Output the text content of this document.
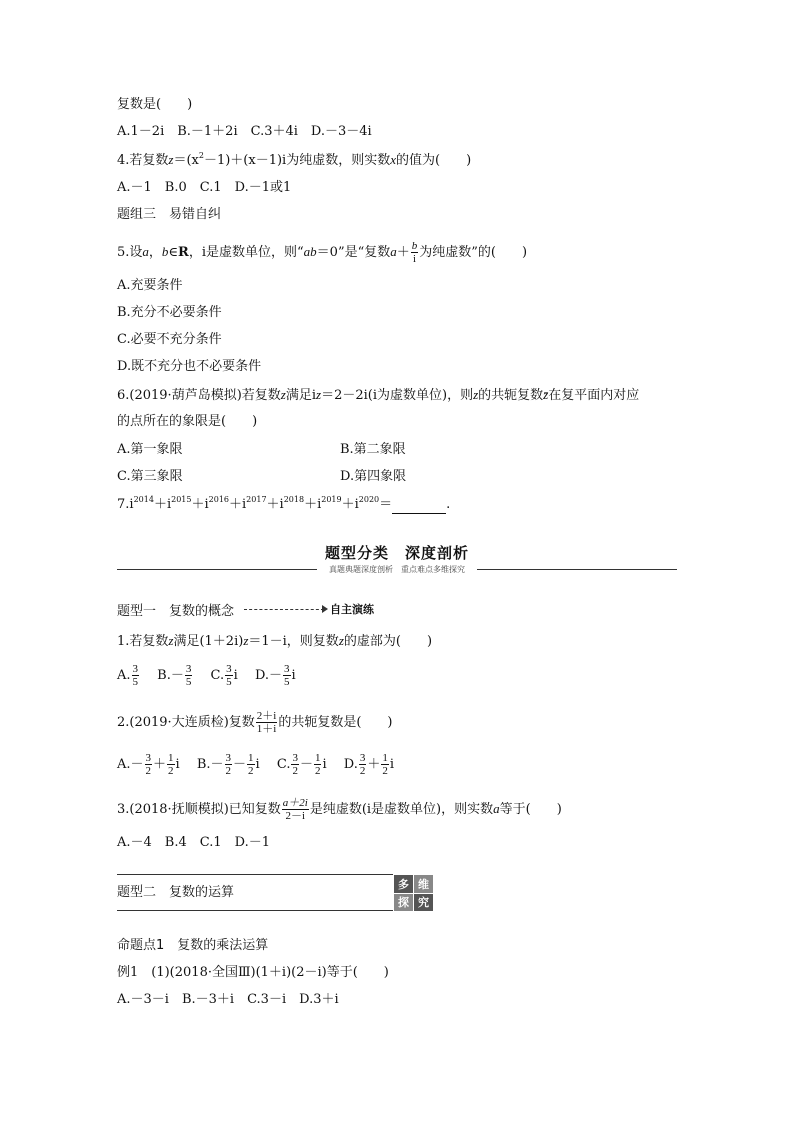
复数是(　　)
A.1－2i　B.－1＋2i　C.3＋4i　D.－3－4i
4.若复数$z=(x^2-1)+(x-1)i$为纯虚数，则实数x的值为(　　)
A.－1　B.0　C.1　D.－1或1
题组三　易错自纠
5.设a，b∈R，i是虚数单位，则“ab＝0”是“复数$a+ \frac{b}{i}$ 为纯虚数”的(　　)
A.充要条件
B.充分不必要条件
C.必要不充分条件
D.既不充分也不必要条件
6.(2019·葫芦岛模拟)若复数z满足iz＝2－2i(i为虚数单位)，则z的共轭复数z̄在复平面内对应
的点所在的象限是(　　)
A.第一象限	B.第二象限
C.第三象限	D.第四象限
$7.i^{2014}+i^{2015}+i^{2016}+i^{2017}+i^{2018}+i^{2019}+i^{2020}=$	.
题型分类　深度剖析
真题典题深度剖析　重点难点多维探究
题型一　复数的概念	自主演练
1.若复数z满足(1＋2i)z＝1－i，则复数z的虚部为(　　)
A. $\frac{3}{5}$
　 $B.- \frac{3}{5}$
　 C. $\frac{3}{5}$ i　 $D.- \frac{3}{5}$ i
2.(2019·大连质检)复数 $\frac{2+i}{1+i}$ 的共轭复数是(　　)
$A.- \frac{3}{2} + \frac{1}{2}$ i　 $B.- \frac{3}{2} - \frac{1}{2}$ i　 C. $\frac{3}{2} - \frac{1}{2}$ i　 D. $\frac{3}{2} + \frac{1}{2}$ i
3.(2018·抚顺模拟)已知复数 $\frac{a+2i}{2-i}$ 是纯虚数(i是虚数单位)，则实数a等于(　　)
A.－4　B.4　C.1　D.－1
题型二　复数的运算
多 维
探 究
命题点1　复数的乘法运算
例1　(1)(2018·全国Ⅲ)(1＋i)(2－i)等于(　　)
A.－3－i　B.－3＋i　C.3－i　D.3＋i
